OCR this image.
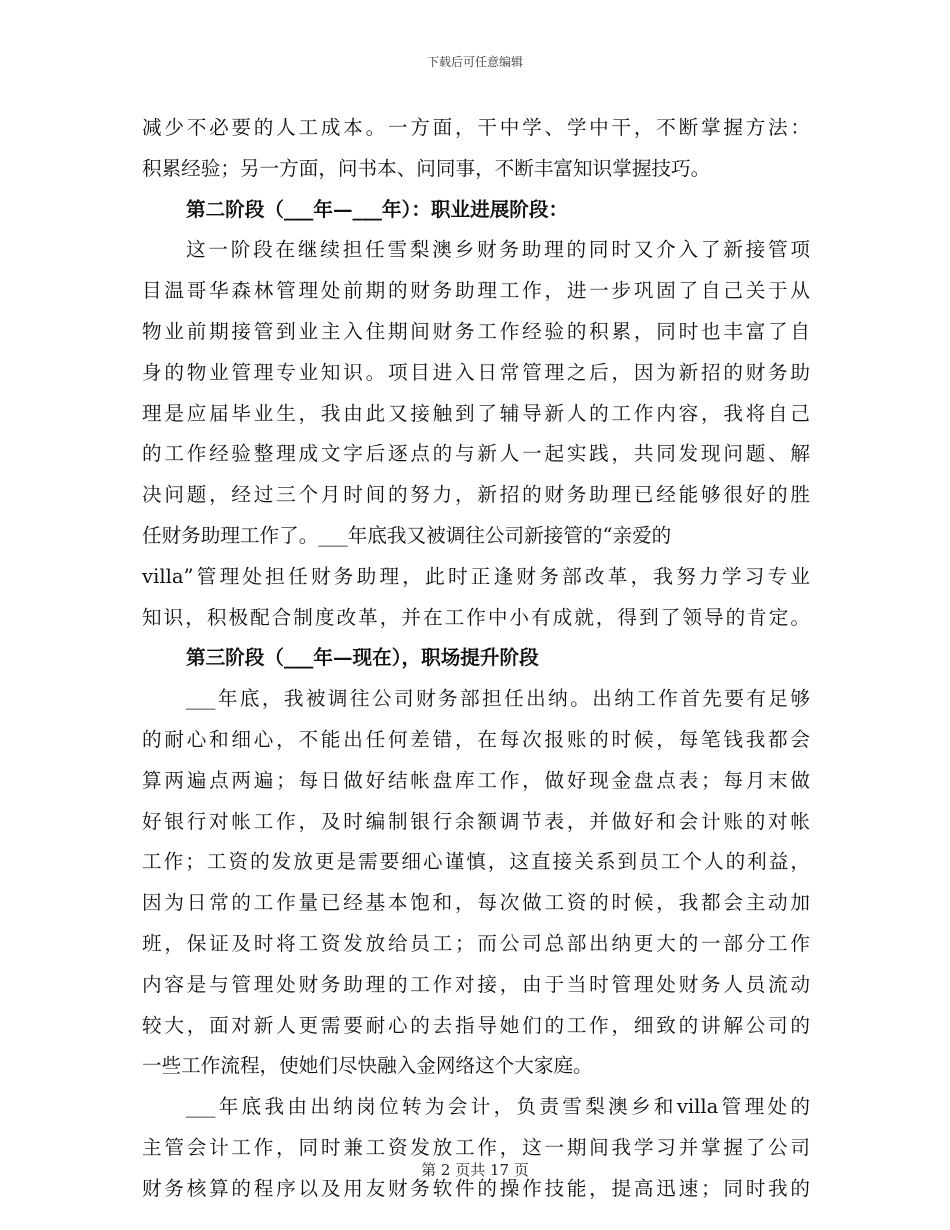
下载后可任意编辑
减少不必要的人工成本。一方面，干中学、学中干，不断掌握方法：
积累经验；另一方面，问书本、问同事，不断丰富知识掌握技巧。
第二阶段（___年—___年）：职业进展阶段：
这一阶段在继续担任雪梨澳乡财务助理的同时又介入了新接管项
目温哥华森林管理处前期的财务助理工作，进一步巩固了自己关于从
物业前期接管到业主入住期间财务工作经验的积累，同时也丰富了自
身的物业管理专业知识。项目进入日常管理之后，因为新招的财务助
理是应届毕业生，我由此又接触到了辅导新人的工作内容，我将自己
的工作经验整理成文字后逐点的与新人一起实践，共同发现问题、解
决问题，经过三个月时间的努力，新招的财务助理已经能够很好的胜
任财务助理工作了。___年底我又被调往公司新接管的“亲爱的
villa”管理处担任财务助理，此时正逢财务部改革，我努力学习专业
知识，积极配合制度改革，并在工作中小有成就，得到了领导的肯定。
第三阶段（___年—现在），职场提升阶段
___年底，我被调往公司财务部担任出纳。出纳工作首先要有足够
的耐心和细心，不能出任何差错，在每次报账的时候，每笔钱我都会
算两遍点两遍；每日做好结帐盘库工作，做好现金盘点表；每月末做
好银行对帐工作，及时编制银行余额调节表，并做好和会计账的对帐
工作；工资的发放更是需要细心谨慎，这直接关系到员工个人的利益，
因为日常的工作量已经基本饱和，每次做工资的时候，我都会主动加
班，保证及时将工资发放给员工；而公司总部出纳更大的一部分工作
内容是与管理处财务助理的工作对接，由于当时管理处财务人员流动
较大，面对新人更需要耐心的去指导她们的工作，细致的讲解公司的
一些工作流程，使她们尽快融入金网络这个大家庭。
___年底我由出纳岗位转为会计，负责雪梨澳乡和villa管理处的
主管会计工作，同时兼工资发放工作，这一期间我学习并掌握了公司
财务核算的程序以及用友财务软件的操作技能，提高迅速；同时我的
第 2 页共 17 页
